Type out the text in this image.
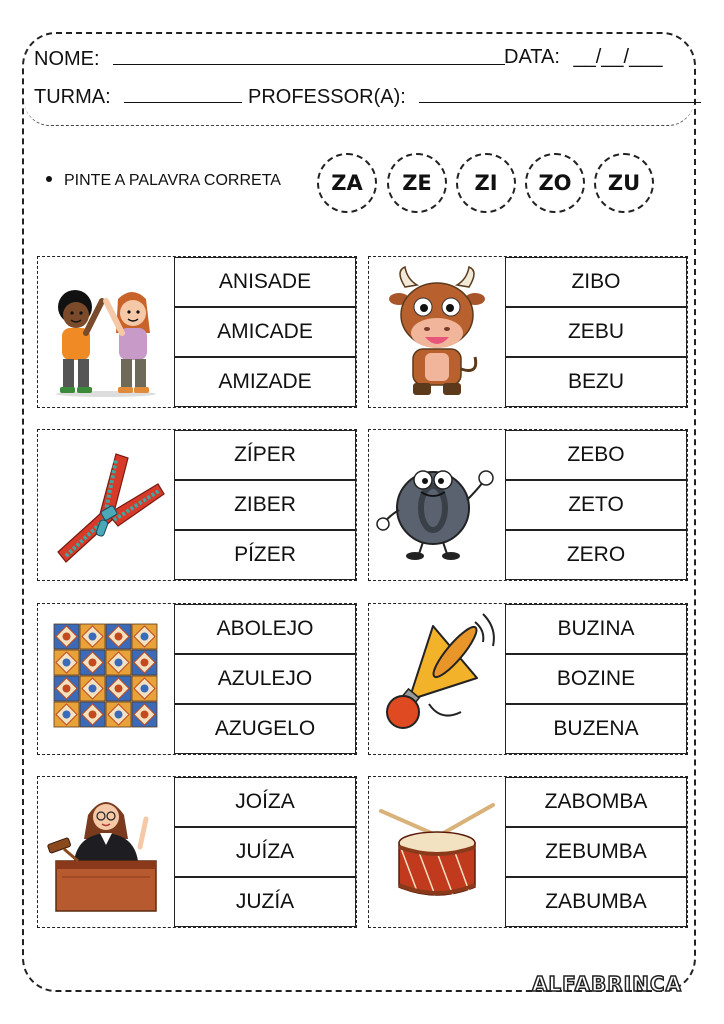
NOME:	DATA: __/__/___
TURMA:	PROFESSOR(A):
PINTE A PALAVRA CORRETA	ZA	ZE	ZI	ZO	ZU
ANISADE
AMICADE
AMIZADE
ZIBO
ZEBU
BEZU
ZÍPER
ZIBER
PÍZER
ZEBO
ZETO
ZERO
ABOLEJO
AZULEJO
AZUGELO
BUZINA
BOZINE
BUZENA
JOÍZA
JUÍZA
JUZÍA
ZABOMBA
ZEBUMBA
ZABUMBA
ALFABRINCA
